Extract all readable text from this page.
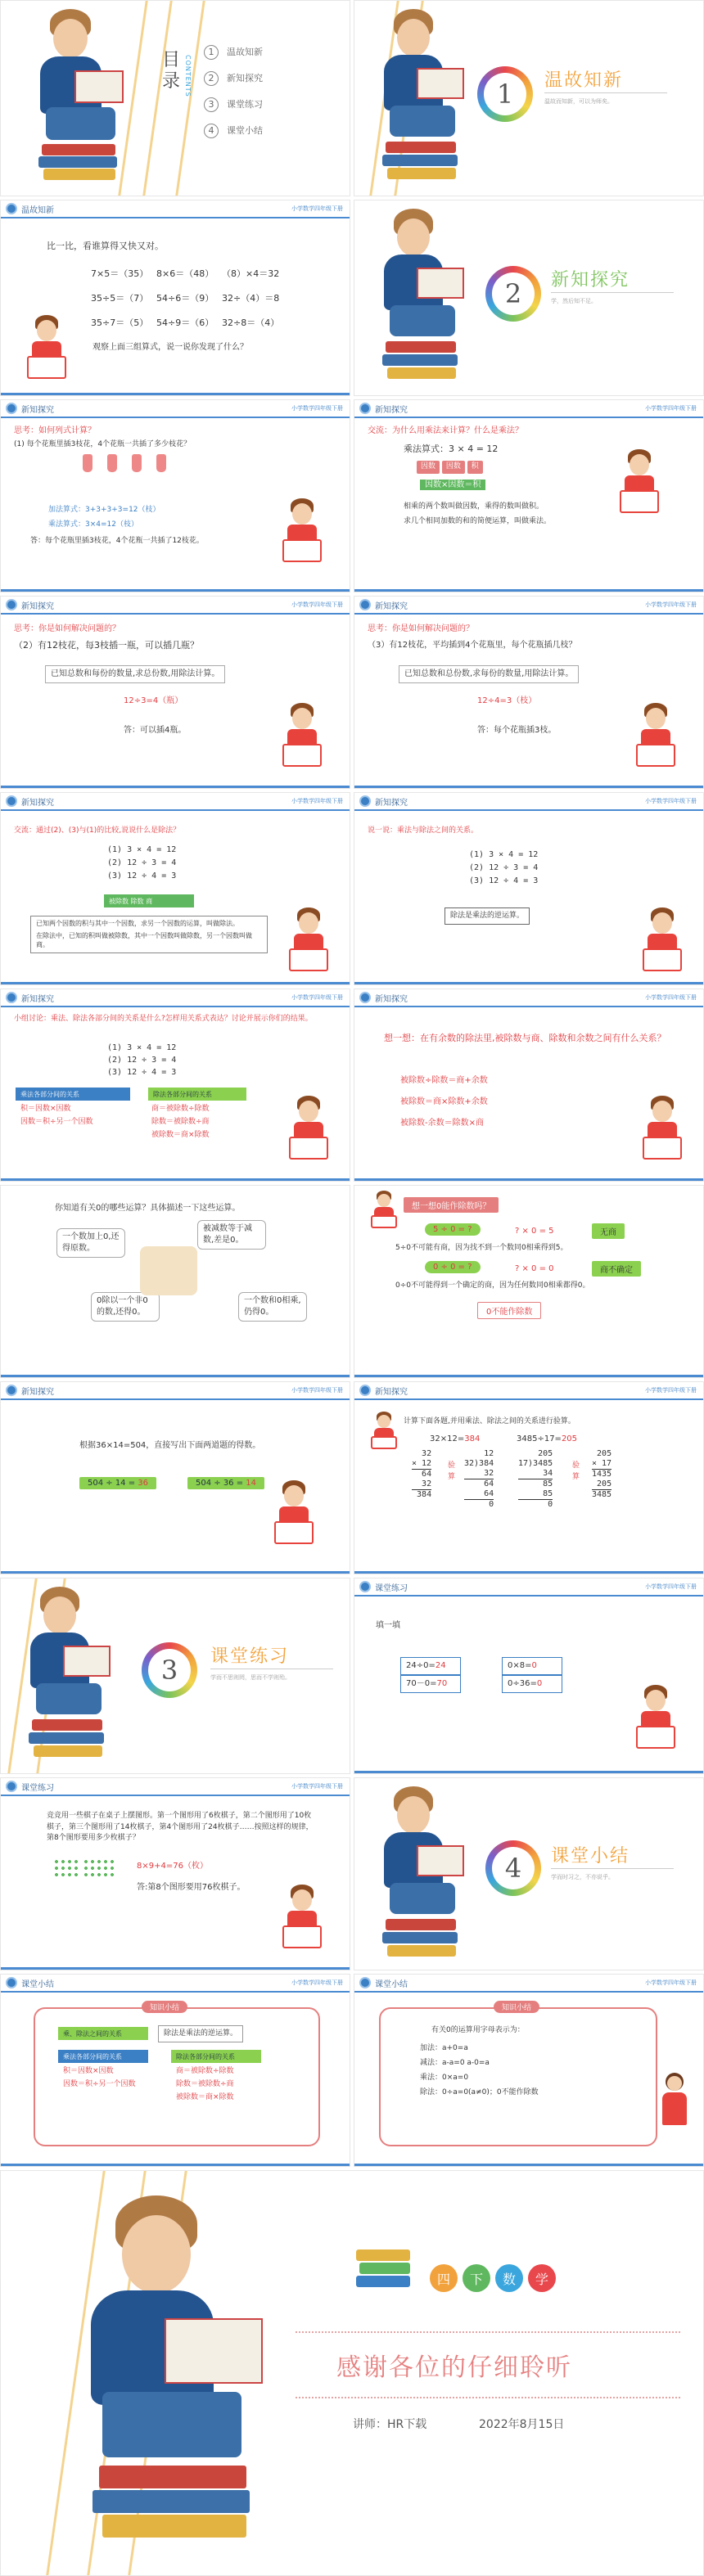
目 录 CONTENTS
1 温故知新
2 新知探究
3 课堂练习
4 课堂小结
1	温故知新
温故而知新，可以为师矣。
温故知新	小学数学四年级下册
比一比，看谁算得又快又对。
7×5＝（35） 8×6＝（48） （8）×4＝32
35÷5＝（7） 54÷6＝（9） 32÷（4）＝8
35÷7＝（5） 54÷9＝（6） 32÷8＝（4）
观察上面三组算式，说一说你发现了什么？
2	新知探究
学，然后知不足。
新知探究	小学数学四年级下册
思考：如何列式计算？
(1) 每个花瓶里插3枝花，4个花瓶一共插了多少枝花？
加法算式：3+3+3+3=12（枝）
乘法算式：3×4=12（枝）
答：每个花瓶里插3枝花，4个花瓶一共插了12枝花。
新知探究	小学数学四年级下册
交流：为什么用乘法来计算？什么是乘法？
乘法算式：3 × 4 = 12
因数 因数 积
因数×因数＝积
相乘的两个数叫做因数，乘得的数叫做积。
求几个相同加数的和的简便运算，叫做乘法。
新知探究	小学数学四年级下册
思考：你是如何解决问题的？
（2）有12枝花，每3枝插一瓶，可以插几瓶？
已知总数和每份的数量,求总份数,用除法计算。
12÷3=4（瓶）
答：可以插4瓶。
新知探究	小学数学四年级下册
思考：你是如何解决问题的？
（3）有12枝花，平均插到4个花瓶里，每个花瓶插几枝？
已知总数和总份数,求每份的数量,用除法计算。
12÷4=3（枝）
答：每个花瓶插3枝。
新知探究	小学数学四年级下册
交流：通过(2)、(3)与(1)的比较,说说什么是除法？
(1) 3 × 4 = 12
(2) 12 ÷ 3 = 4
(3) 12 ÷ 4 = 3
被除数 除数 商
已知两个因数的积与其中一个因数，求另一个因数的运算，叫做除法。
在除法中，已知的积叫做被除数，其中一个因数叫做除数，另一个因数叫做商。
新知探究	小学数学四年级下册
说一说：乘法与除法之间的关系。
(1) 3 × 4 = 12
(2) 12 ÷ 3 = 4
(3) 12 ÷ 4 = 3
除法是乘法的逆运算。
新知探究	小学数学四年级下册
小组讨论：乘法、除法各部分间的关系是什么?怎样用关系式表达？讨论并展示你们的结果。
(1) 3 × 4 = 12
(2) 12 ÷ 3 = 4
(3) 12 ÷ 4 = 3
乘法各部分间的关系
积＝因数×因数
因数＝积÷另一个因数
除法各部分间的关系
商＝被除数÷除数
除数＝被除数÷商
被除数＝商×除数
新知探究	小学数学四年级下册
想一想：在有余数的除法里,被除数与商、除数和余数之间有什么关系？
被除数÷除数＝商+余数
被除数＝商×除数+余数
被除数-余数＝除数×商
你知道有关0的哪些运算？具体描述一下这些运算。
一个数加上0,还得原数。
被减数等于减数,差是0。
0除以一个非0的数,还得0。
一个数和0相乘,仍得0。
想一想0能作除数吗？
5 ÷ 0 = ?	? × 0 = 5	无商
5÷0不可能有商，因为找不到一个数同0相乘得到5。
0 ÷ 0 = ?	? × 0 = 0	商不确定
0÷0不可能得到一个确定的商，因为任何数同0相乘都得0。
0不能作除数
新知探究	小学数学四年级下册
根据36×14=504，直接写出下面两道题的得数。
504 ÷ 14 = 36	504 ÷ 36 = 14
新知探究	小学数学四年级下册
计算下面各题,并用乘法、除法之间的关系进行验算。
32×12=384	3485÷17=205
32
× 12
64
32
384
验算
12
32)384
32
64
64
0
205
17)3485
34
85
85
0
验算
205
× 17
1435
205
3485
3	课堂练习
学而不思则罔，思而不学则殆。
课堂练习	小学数学四年级下册
填一填
24÷0=24
70－0=70
0×8=0
0÷36=0
课堂练习	小学数学四年级下册
竞竞用一些棋子在桌子上摆图形。第一个图形用了6枚棋子，第二个图形用了10枚棋子，第三个图形用了14枚棋子，第4个图形用了24枚棋子……按照这样的规律，第8个图形要用多少枚棋子？
8×9+4=76（枚）
答:第8个图形要用76枚棋子。
4	课堂小结
学而时习之，不亦说乎。
课堂小结	小学数学四年级下册
知识小结
乘、除法之间的关系	除法是乘法的逆运算。
乘法各部分间的关系
积＝因数×因数
因数＝积÷另一个因数
除法各部分间的关系
商＝被除数÷除数
除数＝被除数÷商
被除数＝商×除数
课堂小结	小学数学四年级下册
知识小结
有关0的运算用字母表示为：
加法：a+0=a
减法：a-a=0 a-0=a
乘法：0×a=0
除法：0÷a=0(a≠0)；0不能作除数
四	下	数	学
感谢各位的仔细聆听
讲师：HR下载	2022年8月15日
